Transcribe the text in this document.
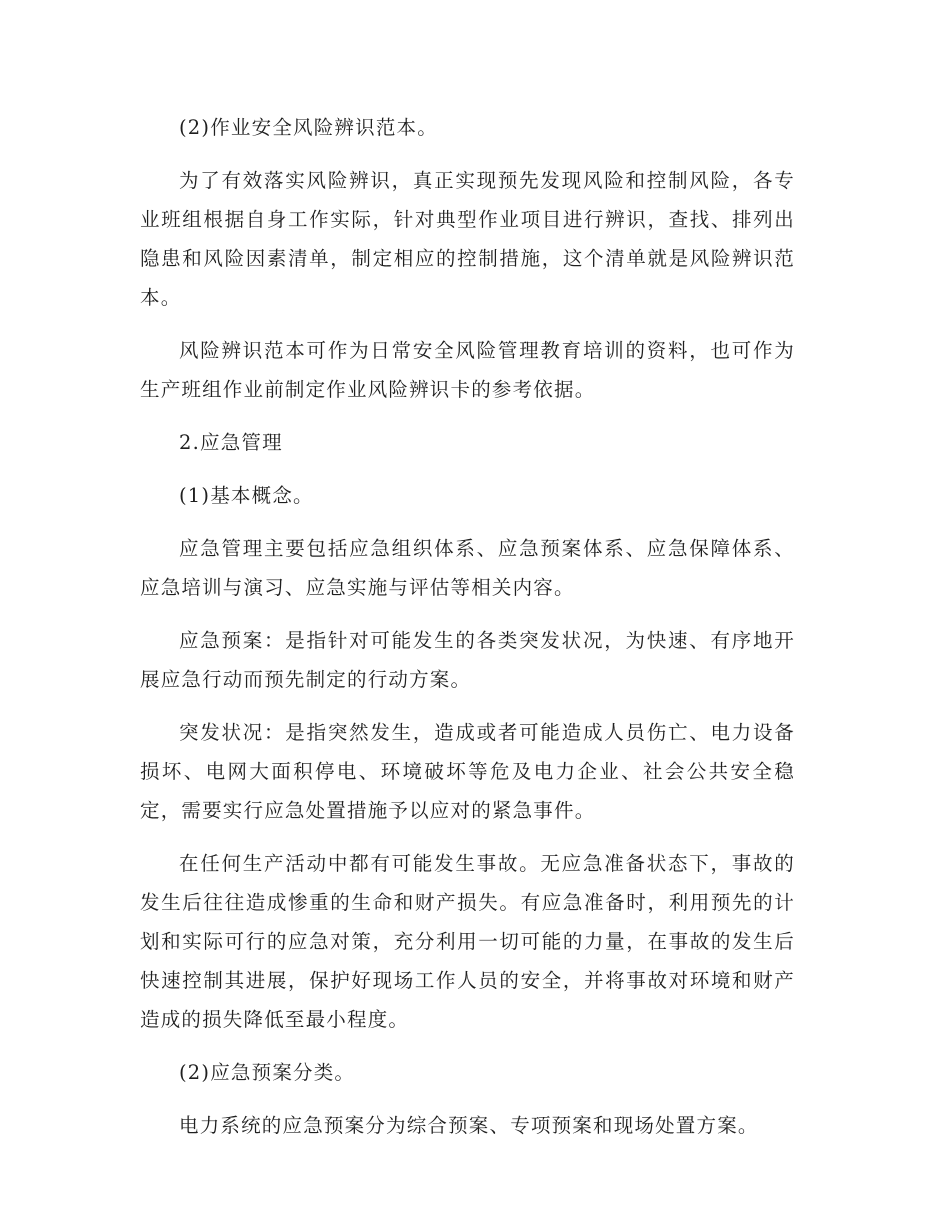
(2)作业安全风险辨识范本。

为了有效落实风险辨识，真正实现预先发现风险和控制风险，各专业班组根据自身工作实际，针对典型作业项目进行辨识，查找、排列出隐患和风险因素清单，制定相应的控制措施，这个清单就是风险辨识范本。

风险辨识范本可作为日常安全风险管理教育培训的资料，也可作为生产班组作业前制定作业风险辨识卡的参考依据。

2.应急管理

(1)基本概念。

应急管理主要包括应急组织体系、应急预案体系、应急保障体系、应急培训与演习、应急实施与评估等相关内容。

应急预案：是指针对可能发生的各类突发状况，为快速、有序地开展应急行动而预先制定的行动方案。

突发状况：是指突然发生，造成或者可能造成人员伤亡、电力设备损坏、电网大面积停电、环境破坏等危及电力企业、社会公共安全稳定，需要实行应急处置措施予以应对的紧急事件。

在任何生产活动中都有可能发生事故。无应急准备状态下，事故的发生后往往造成惨重的生命和财产损失。有应急准备时，利用预先的计划和实际可行的应急对策，充分利用一切可能的力量，在事故的发生后快速控制其进展，保护好现场工作人员的安全，并将事故对环境和财产造成的损失降低至最小程度。

(2)应急预案分类。

电力系统的应急预案分为综合预案、专项预案和现场处置方案。
